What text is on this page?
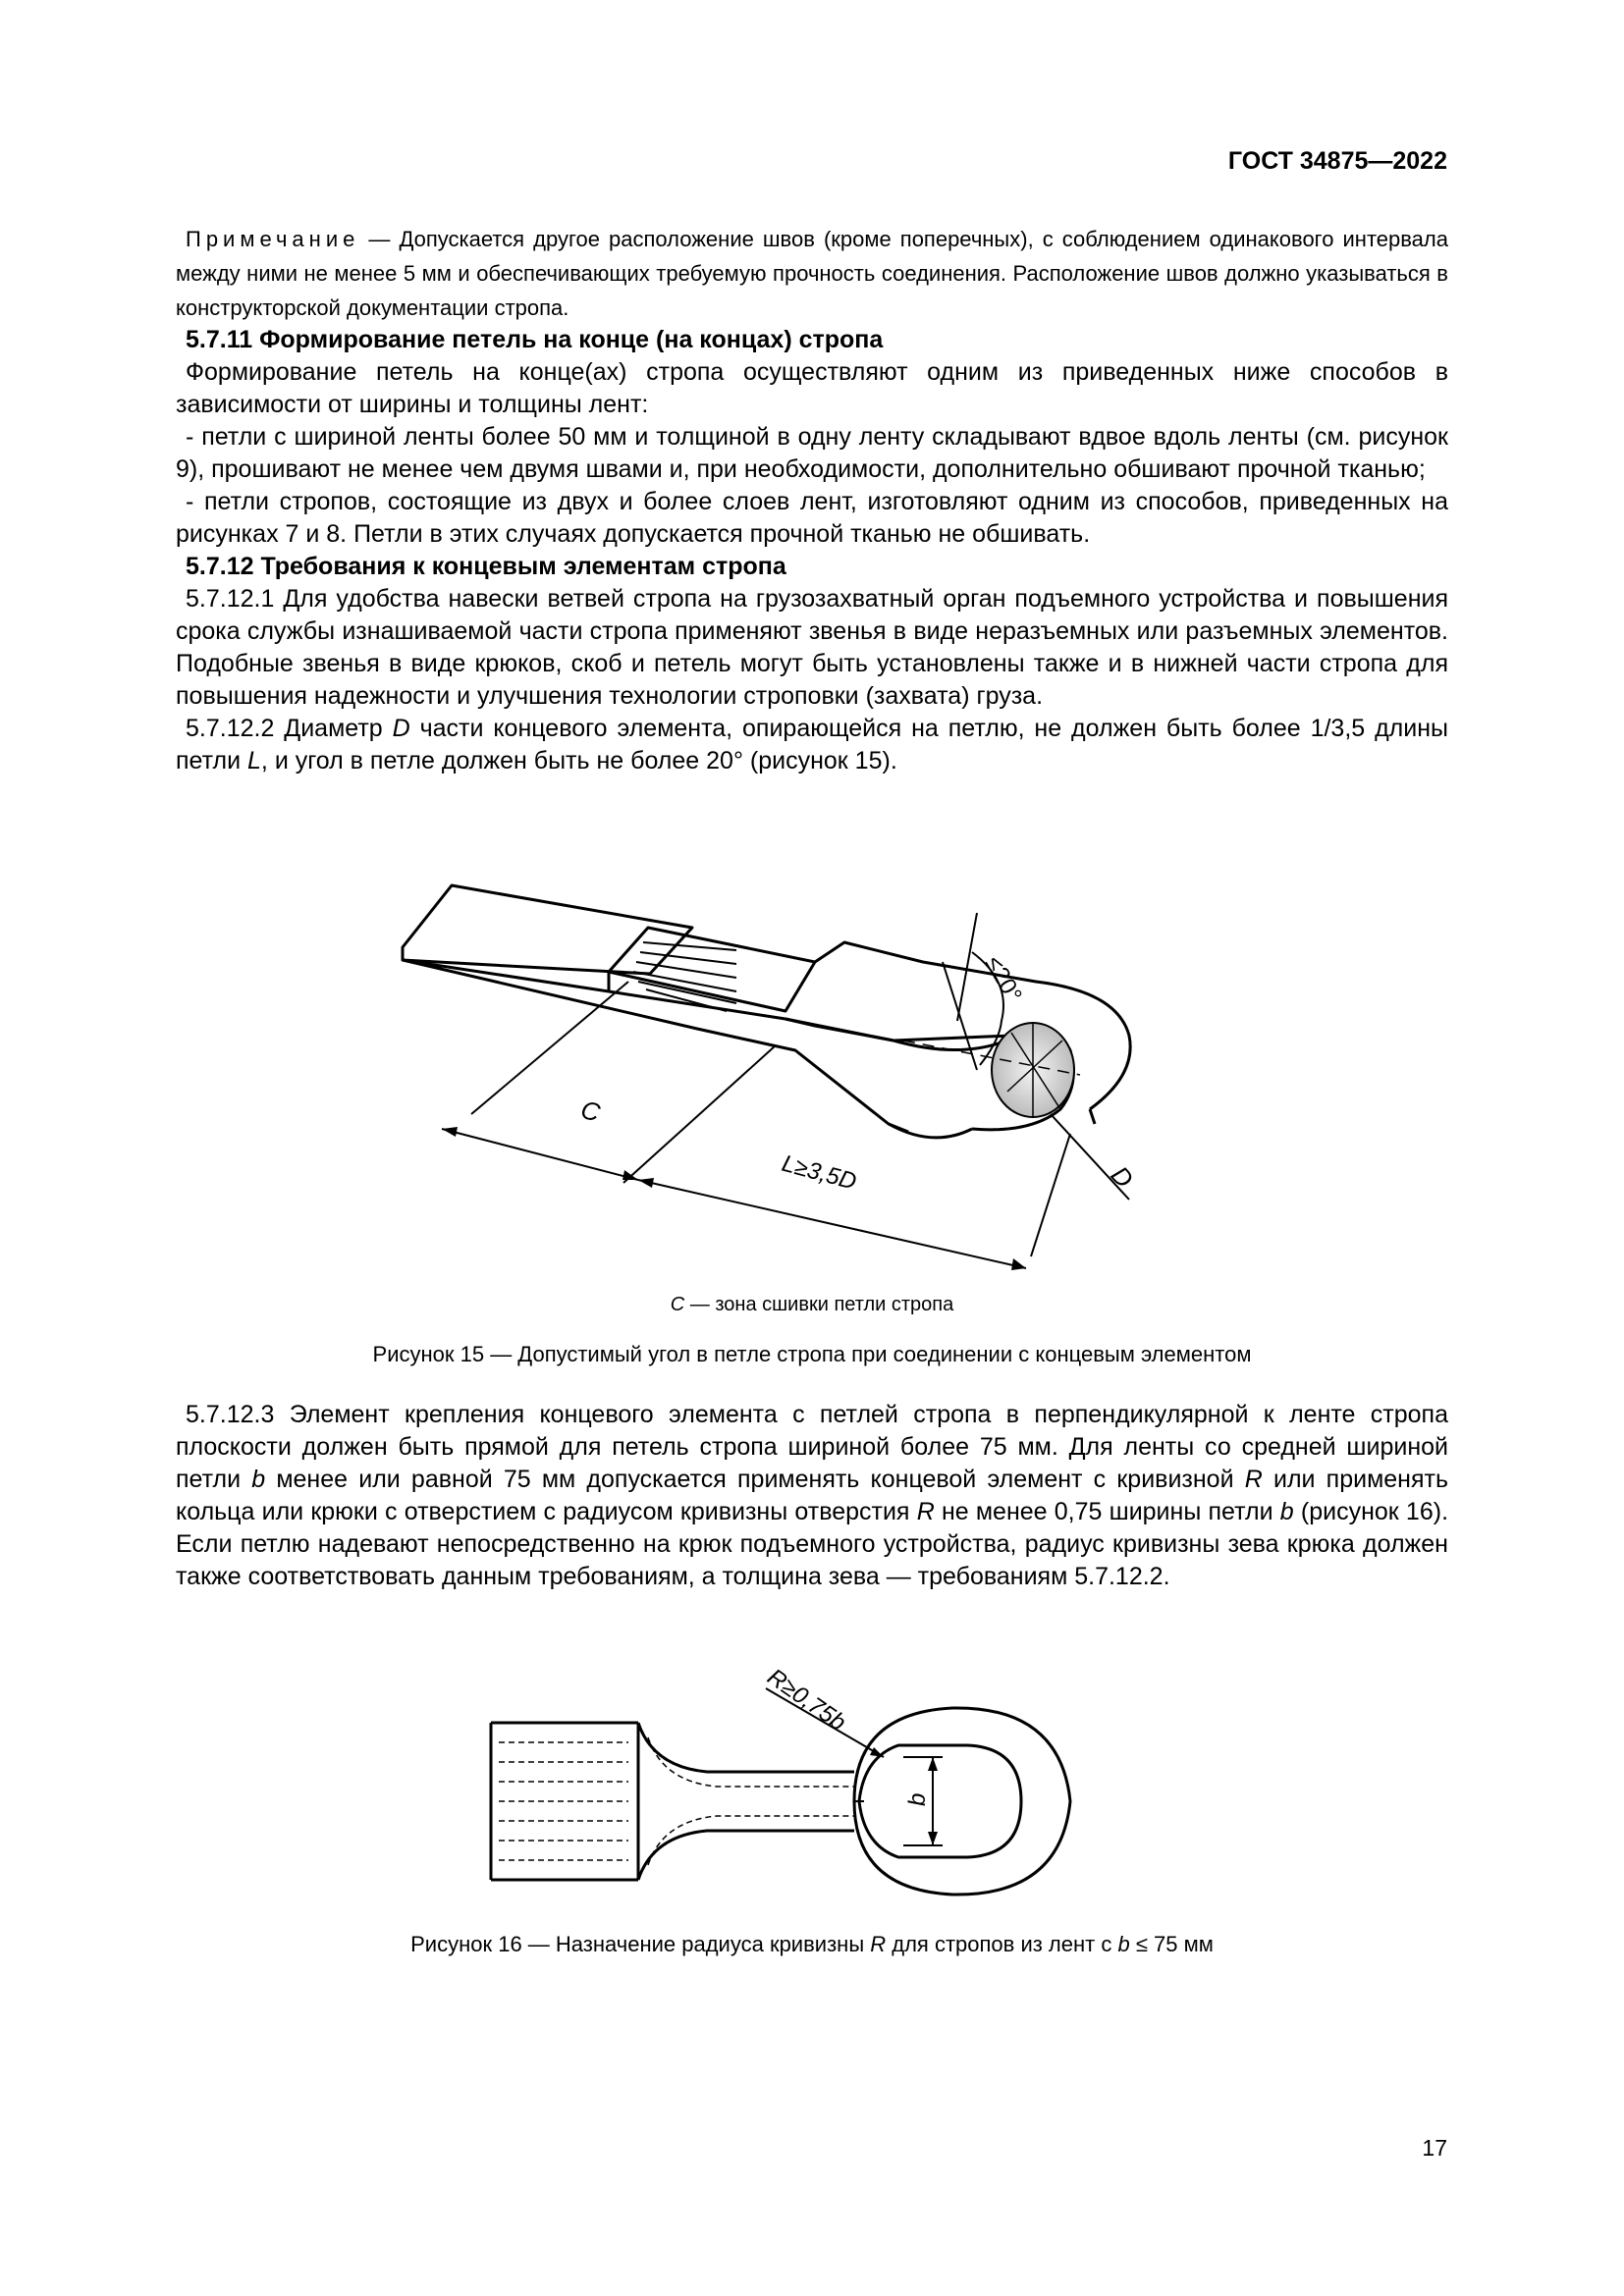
ГОСТ 34875—2022
Примечание — Допускается другое расположение швов (кроме поперечных), с соблюдением одинакового интервала между ними не менее 5 мм и обеспечивающих требуемую прочность соединения. Расположение швов должно указываться в конструкторской документации стропа.
5.7.11 Формирование петель на конце (на концах) стропа

Формирование петель на конце(ах) стропа осуществляют одним из приведенных ниже способов в зависимости от ширины и толщины лент:

- петли с шириной ленты более 50 мм и толщиной в одну ленту складывают вдвое вдоль ленты (см. рисунок 9), прошивают не менее чем двумя швами и, при необходимости, дополнительно обшивают прочной тканью;

- петли стропов, состоящие из двух и более слоев лент, изготовляют одним из способов, приведенных на рисунках 7 и 8. Петли в этих случаях допускается прочной тканью не обшивать.

5.7.12 Требования к концевым элементам стропа

5.7.12.1 Для удобства навески ветвей стропа на грузозахватный орган подъемного устройства и повышения срока службы изнашиваемой части стропа применяют звенья в виде неразъемных или разъемных элементов. Подобные звенья в виде крюков, скоб и петель могут быть установлены также и в нижней части стропа для повышения надежности и улучшения технологии строповки (захвата) груза.

5.7.12.2 Диаметр D части концевого элемента, опирающейся на петлю, не должен быть более 1/3,5 длины петли L, и угол в петле должен быть не более 20° (рисунок 15).

≤20°
C
L≥3,5D	D
C — зона сшивки петли стропа
Рисунок 15 — Допустимый угол в петле стропа при соединении с концевым элементом

5.7.12.3 Элемент крепления концевого элемента с петлей стропа в перпендикулярной к ленте стропа плоскости должен быть прямой для петель стропа шириной более 75 мм. Для ленты со средней шириной петли b менее или равной 75 мм допускается применять концевой элемент с кривизной R или применять кольца или крюки с отверстием с радиусом кривизны отверстия R не менее 0,75 ширины петли b (рисунок 16). Если петлю надевают непосредственно на крюк подъемного устройства, радиус кривизны зева крюка должен также соответствовать данным требованиям, а толщина зева — требованиям 5.7.12.2.

R≥0,75b
b
Рисунок 16 — Назначение радиуса кривизны R для стропов из лент с b ≤ 75 мм
17
